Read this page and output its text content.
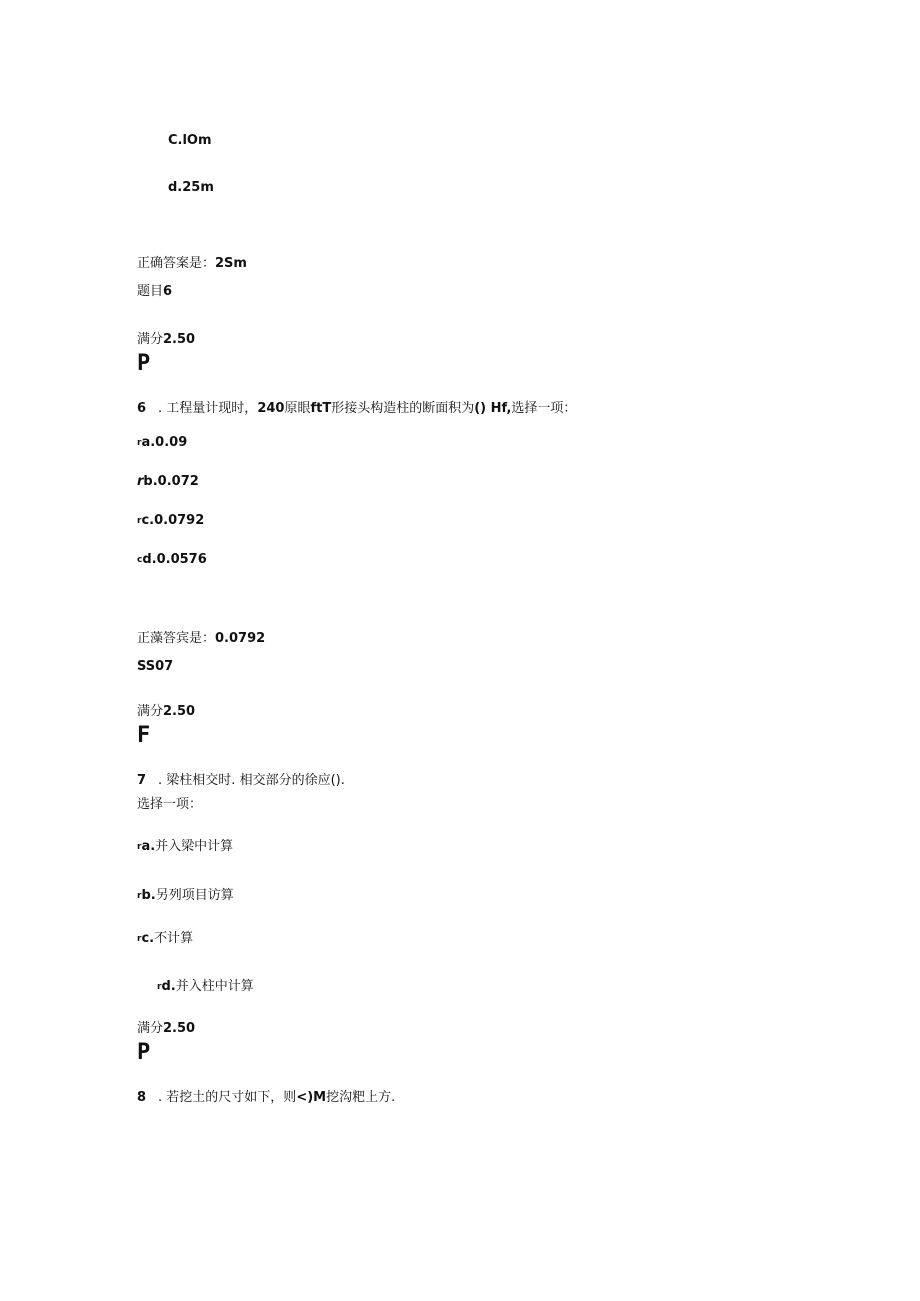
C.lOm
d.25m
正确答案是：2Sm
题目6
满分2.50
P
6 . 工程量计现时，240原眼ftT形接头构造柱的断面积为() Hf,选择一项：
$^r$a.0.09
rb.0.072
$^r$c.0.0792
$^c$d.0.0576
正藻答宾是：0.0792
SS07
满分2.50
F
7 . 梁柱相交时. 相交部分的徐应().
选择一项：
$^r$a.并入梁中计算
$^r$b.另列项目访算
$^r$c.不计算
$^r$d.并入柱中计算
满分2.50
P
8 . 若挖土的尺寸如下，则<)M挖沟粑上方.
